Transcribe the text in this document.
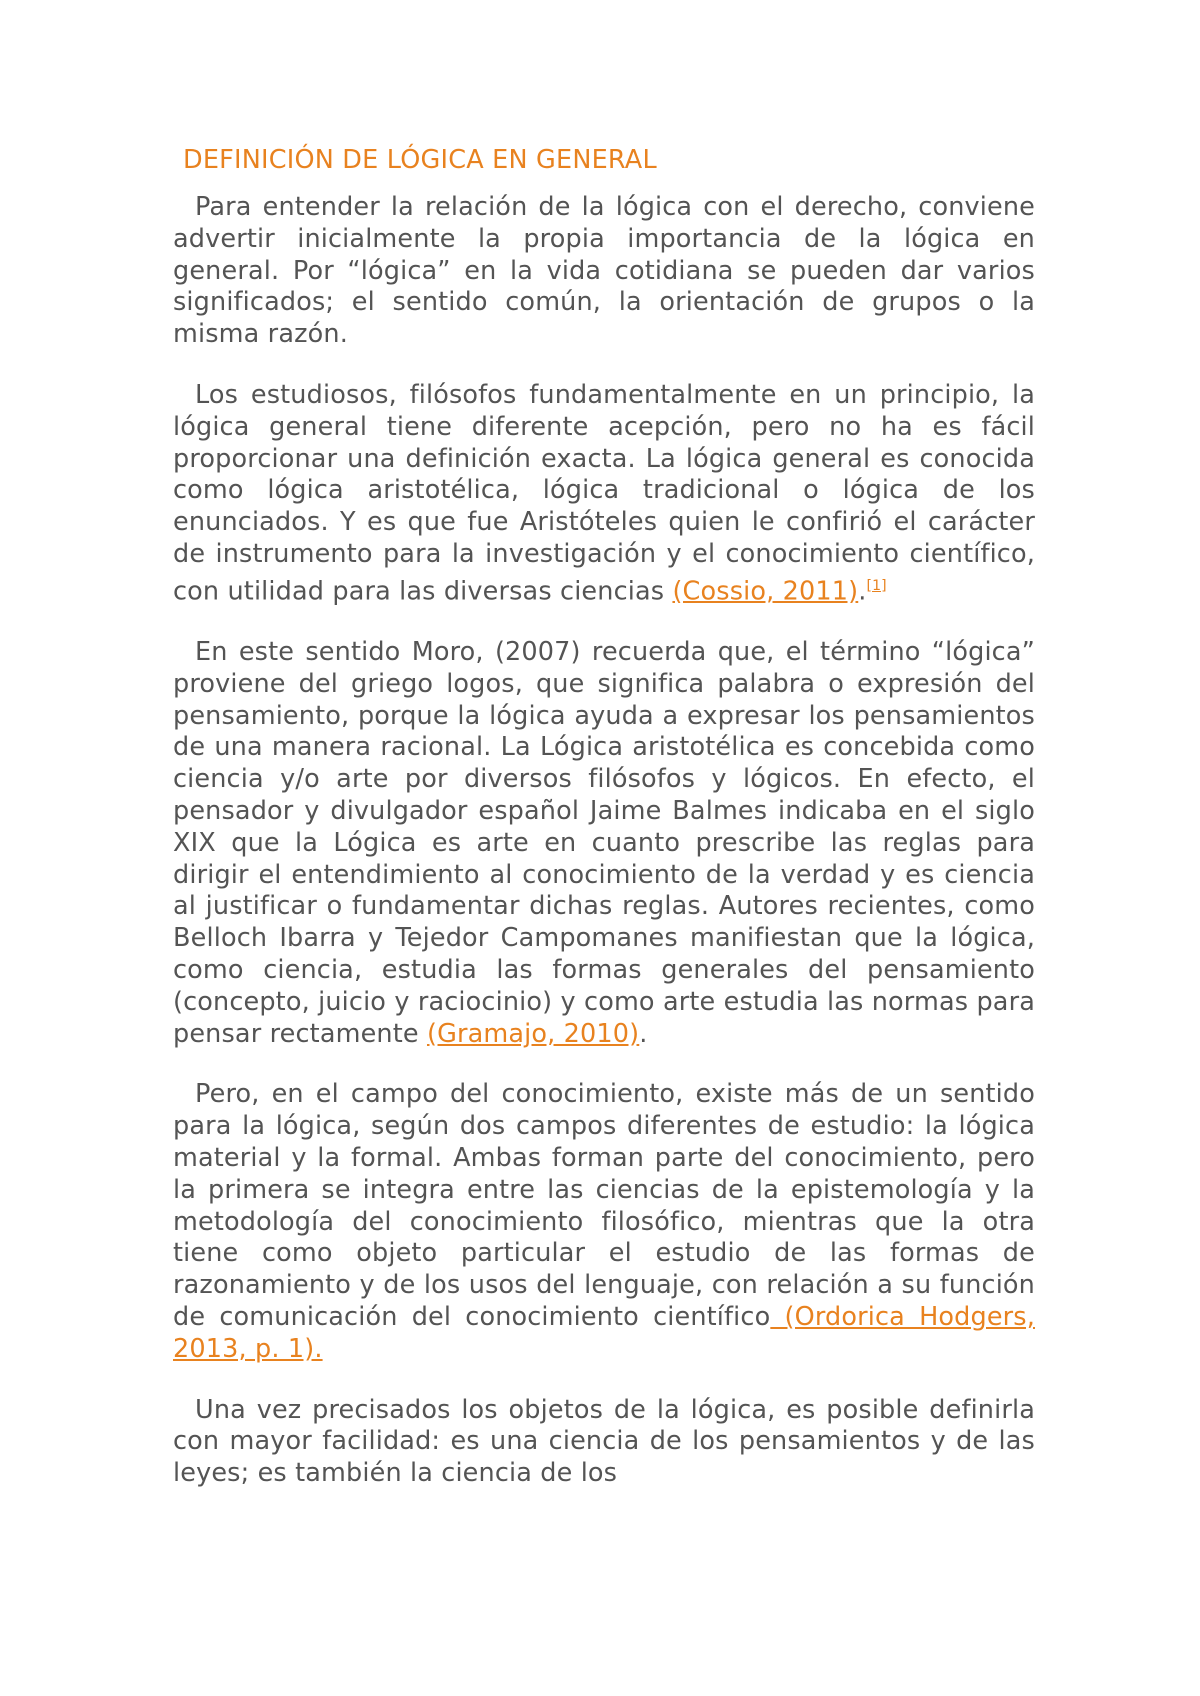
DEFINICIÓN DE LÓGICA EN GENERAL

Para entender la relación de la lógica con el derecho, conviene advertir inicialmente la propia importancia de la lógica en general. Por “lógica” en la vida cotidiana se pueden dar varios significados; el sentido común, la orientación de grupos o la misma razón.

Los estudiosos, filósofos fundamentalmente en un principio, la lógica general tiene diferente acepción, pero no ha es fácil proporcionar una definición exacta. La lógica general es conocida como lógica aristotélica, lógica tradicional o lógica de los enunciados. Y es que fue Aristóteles quien le confirió el carácter de instrumento para la investigación y el conocimiento científico, con utilidad para las diversas ciencias (Cossio, 2011).[1]

En este sentido Moro, (2007) recuerda que, el término “lógica” proviene del griego logos, que significa palabra o expresión del pensamiento, porque la lógica ayuda a expresar los pensamientos de una manera racional. La Lógica aristotélica es concebida como ciencia y/o arte por diversos filósofos y lógicos. En efecto, el pensador y divulgador español Jaime Balmes indicaba en el siglo XIX que la Lógica es arte en cuanto prescribe las reglas para dirigir el entendimiento al conocimiento de la verdad y es ciencia al justificar o fundamentar dichas reglas. Autores recientes, como Belloch Ibarra y Tejedor Campomanes manifiestan que la lógica, como ciencia, estudia las formas generales del pensamiento (concepto, juicio y raciocinio) y como arte estudia las normas para pensar rectamente (Gramajo, 2010).

Pero, en el campo del conocimiento, existe más de un sentido para la lógica, según dos campos diferentes de estudio: la lógica material y la formal. Ambas forman parte del conocimiento, pero la primera se integra entre las ciencias de la epistemología y la metodología del conocimiento filosófico, mientras que la otra tiene como objeto particular el estudio de las formas de razonamiento y de los usos del lenguaje, con relación a su función de comunicación del conocimiento científico (Ordorica Hodgers, 2013, p. 1).

Una vez precisados los objetos de la lógica, es posible definirla con mayor facilidad: es una ciencia de los pensamientos y de las leyes; es también la ciencia de los
